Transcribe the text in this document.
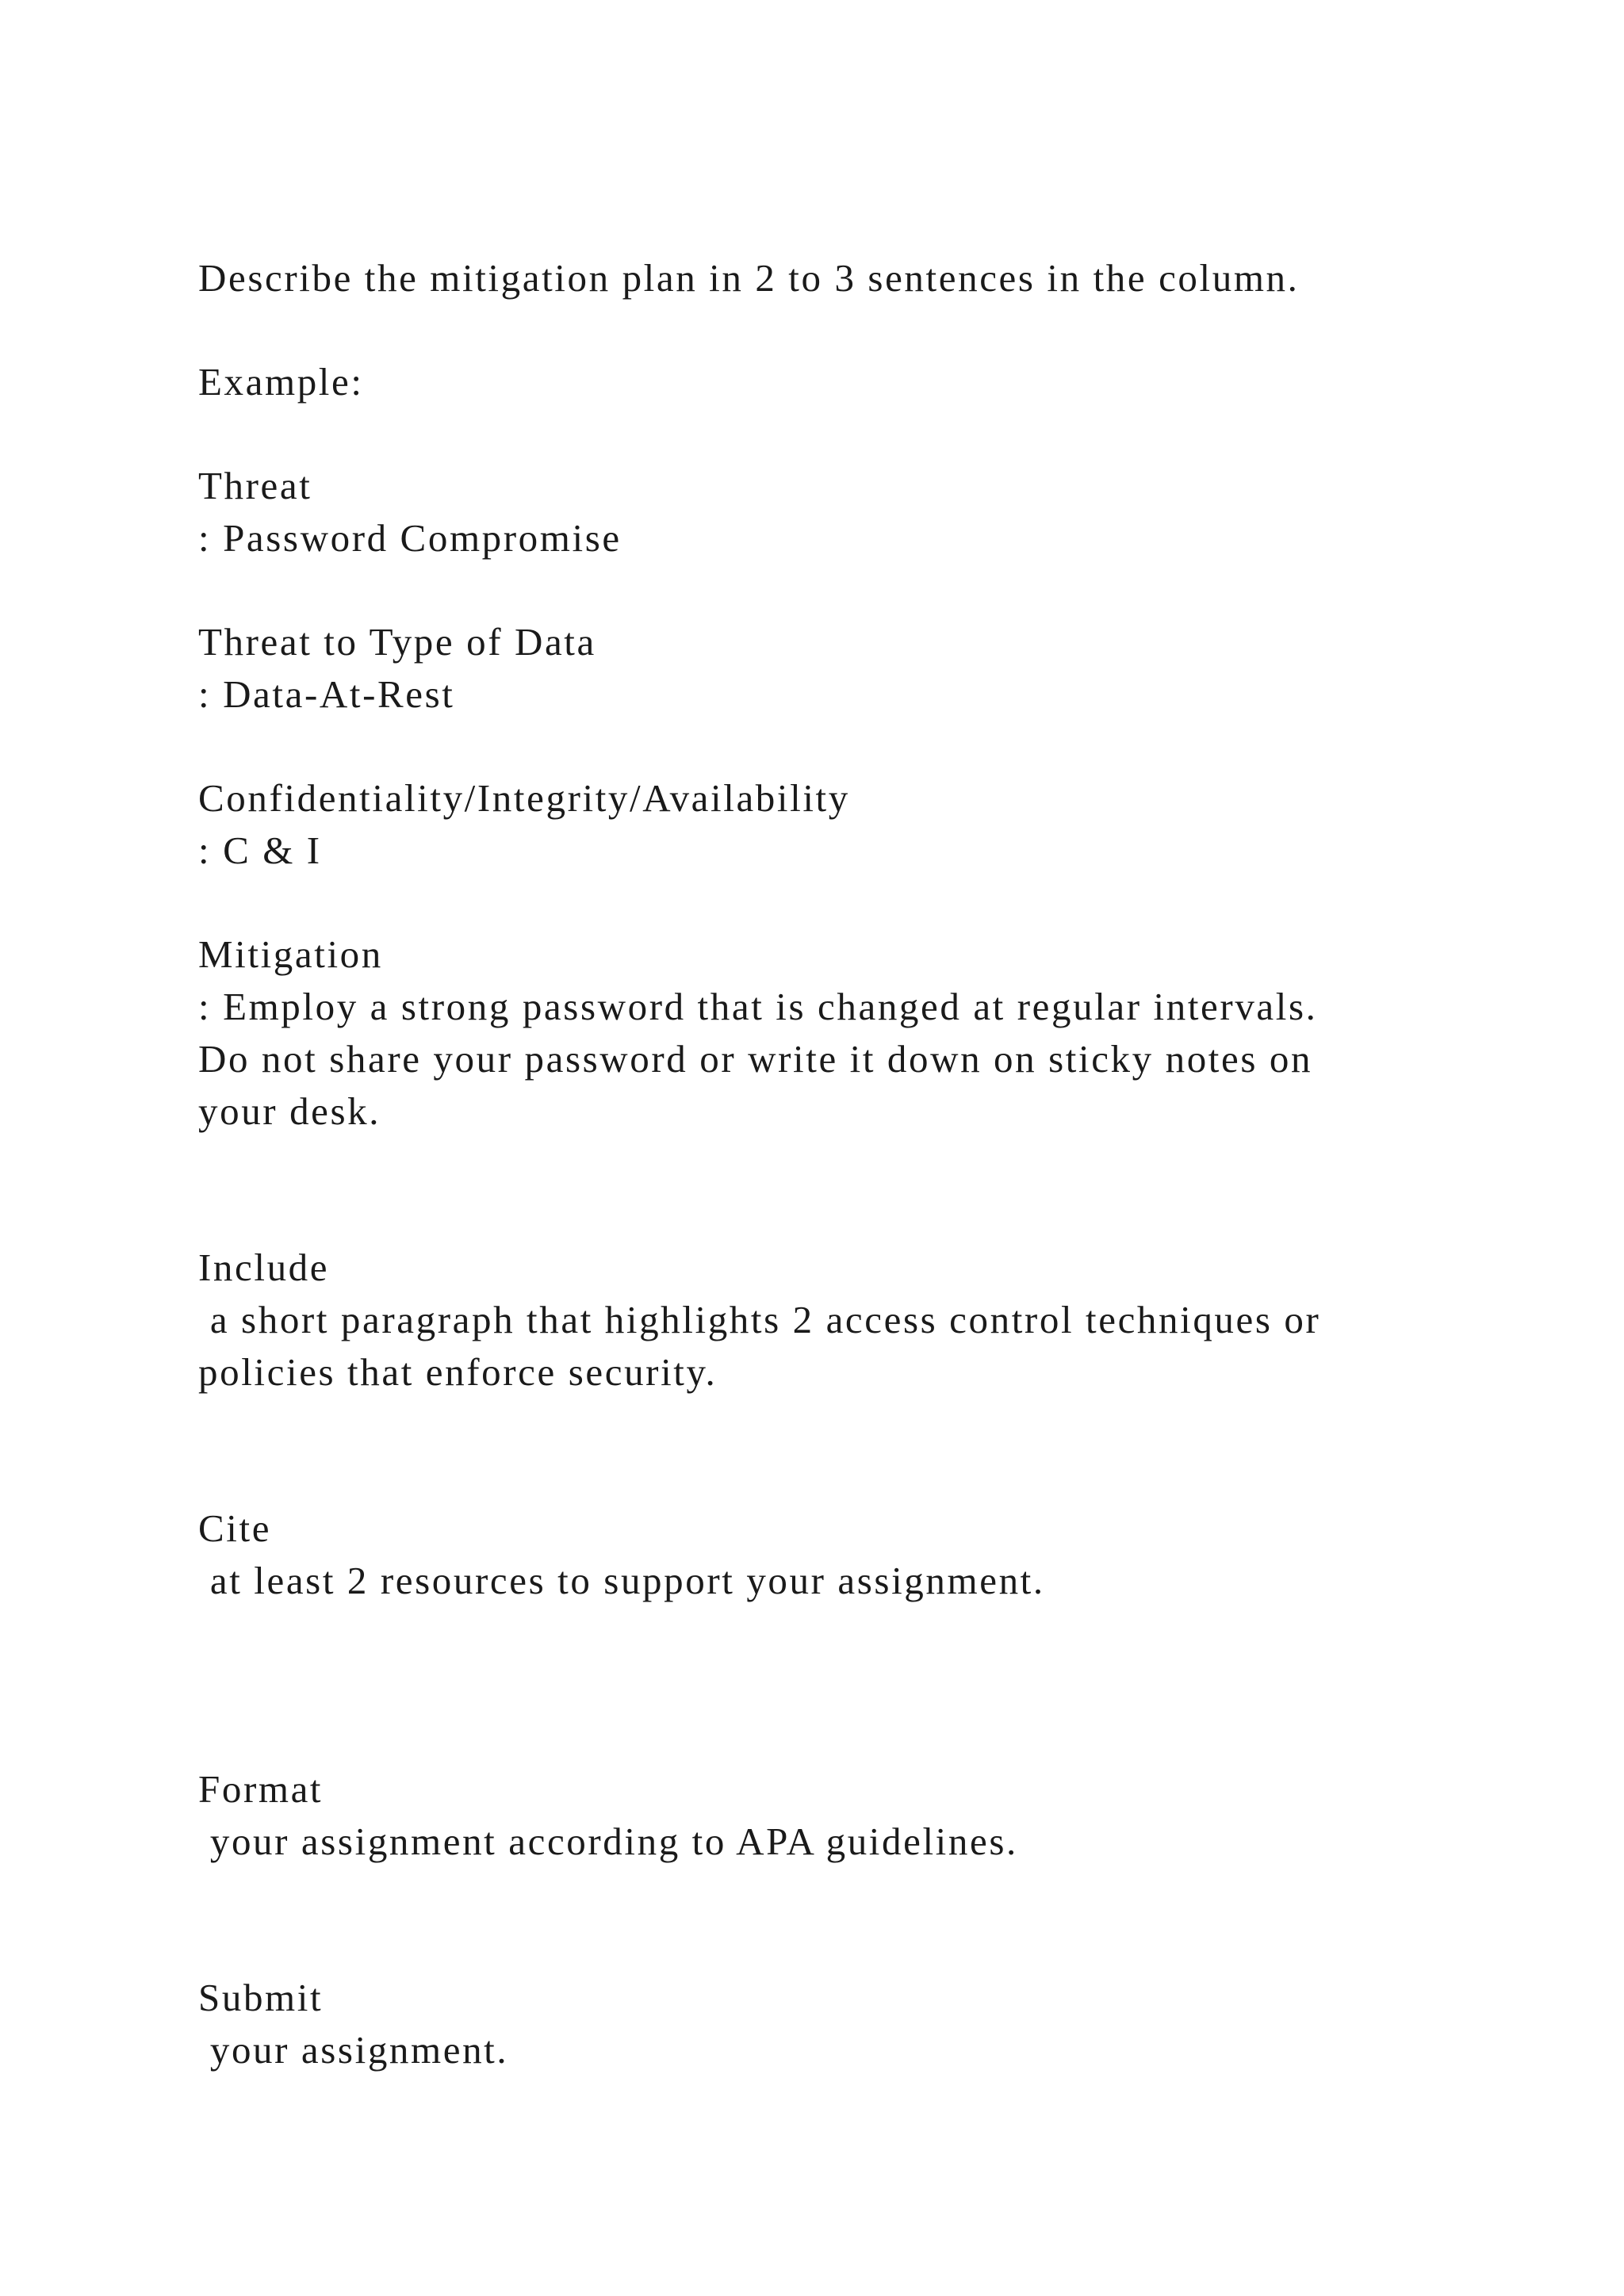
Describe the mitigation plan in 2 to 3 sentences in the column.

Example:

Threat

: Password Compromise

Threat to Type of Data

: Data-At-Rest

Confidentiality/Integrity/Availability

: C & I

Mitigation

: Employ a strong password that is changed at regular intervals.

Do not share your password or write it down on sticky notes on

your desk.

Include

a short paragraph that highlights 2 access control techniques or

policies that enforce security.

Cite

at least 2 resources to support your assignment.

Format

your assignment according to APA guidelines.

Submit

your assignment.
